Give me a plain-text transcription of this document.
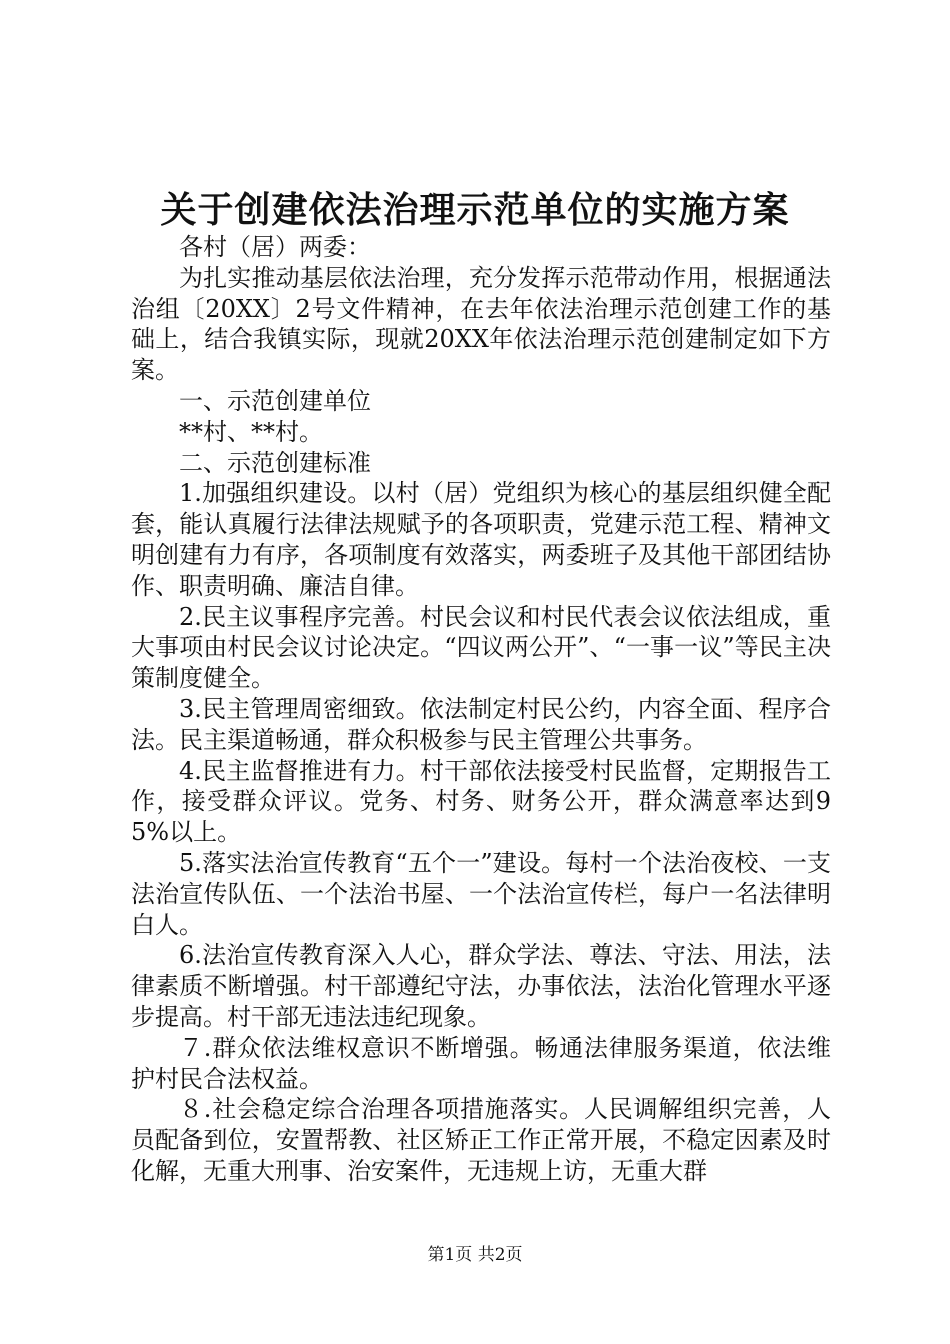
关于创建依法治理示范单位的实施方案

各村（居）两委：

为扎实推动基层依法治理，充分发挥示范带动作用，根据通法治组〔20XX〕2号文件精神，在去年依法治理示范创建工作的基础上，结合我镇实际，现就20XX年依法治理示范创建制定如下方案。

一、示范创建单位

**村、**村。

二、示范创建标准

1.加强组织建设。以村（居）党组织为核心的基层组织健全配套，能认真履行法律法规赋予的各项职责，党建示范工程、精神文明创建有力有序，各项制度有效落实，两委班子及其他干部团结协作、职责明确、廉洁自律。

2.民主议事程序完善。村民会议和村民代表会议依法组成，重大事项由村民会议讨论决定。“四议两公开”、“一事一议”等民主决策制度健全。

3.民主管理周密细致。依法制定村民公约，内容全面、程序合法。民主渠道畅通，群众积极参与民主管理公共事务。

4.民主监督推进有力。村干部依法接受村民监督，定期报告工作，接受群众评议。党务、村务、财务公开，群众满意率达到95%以上。

5.落实法治宣传教育“五个一”建设。每村一个法治夜校、一支法治宣传队伍、一个法治书屋、一个法治宣传栏，每户一名法律明白人。

6.法治宣传教育深入人心，群众学法、尊法、守法、用法，法律素质不断增强。村干部遵纪守法，办事依法，法治化管理水平逐步提高。村干部无违法违纪现象。

７.群众依法维权意识不断增强。畅通法律服务渠道，依法维护村民合法权益。

８.社会稳定综合治理各项措施落实。人民调解组织完善，人员配备到位，安置帮教、社区矫正工作正常开展，不稳定因素及时化解，无重大刑事、治安案件，无违规上访，无重大群

第1页 共2页
